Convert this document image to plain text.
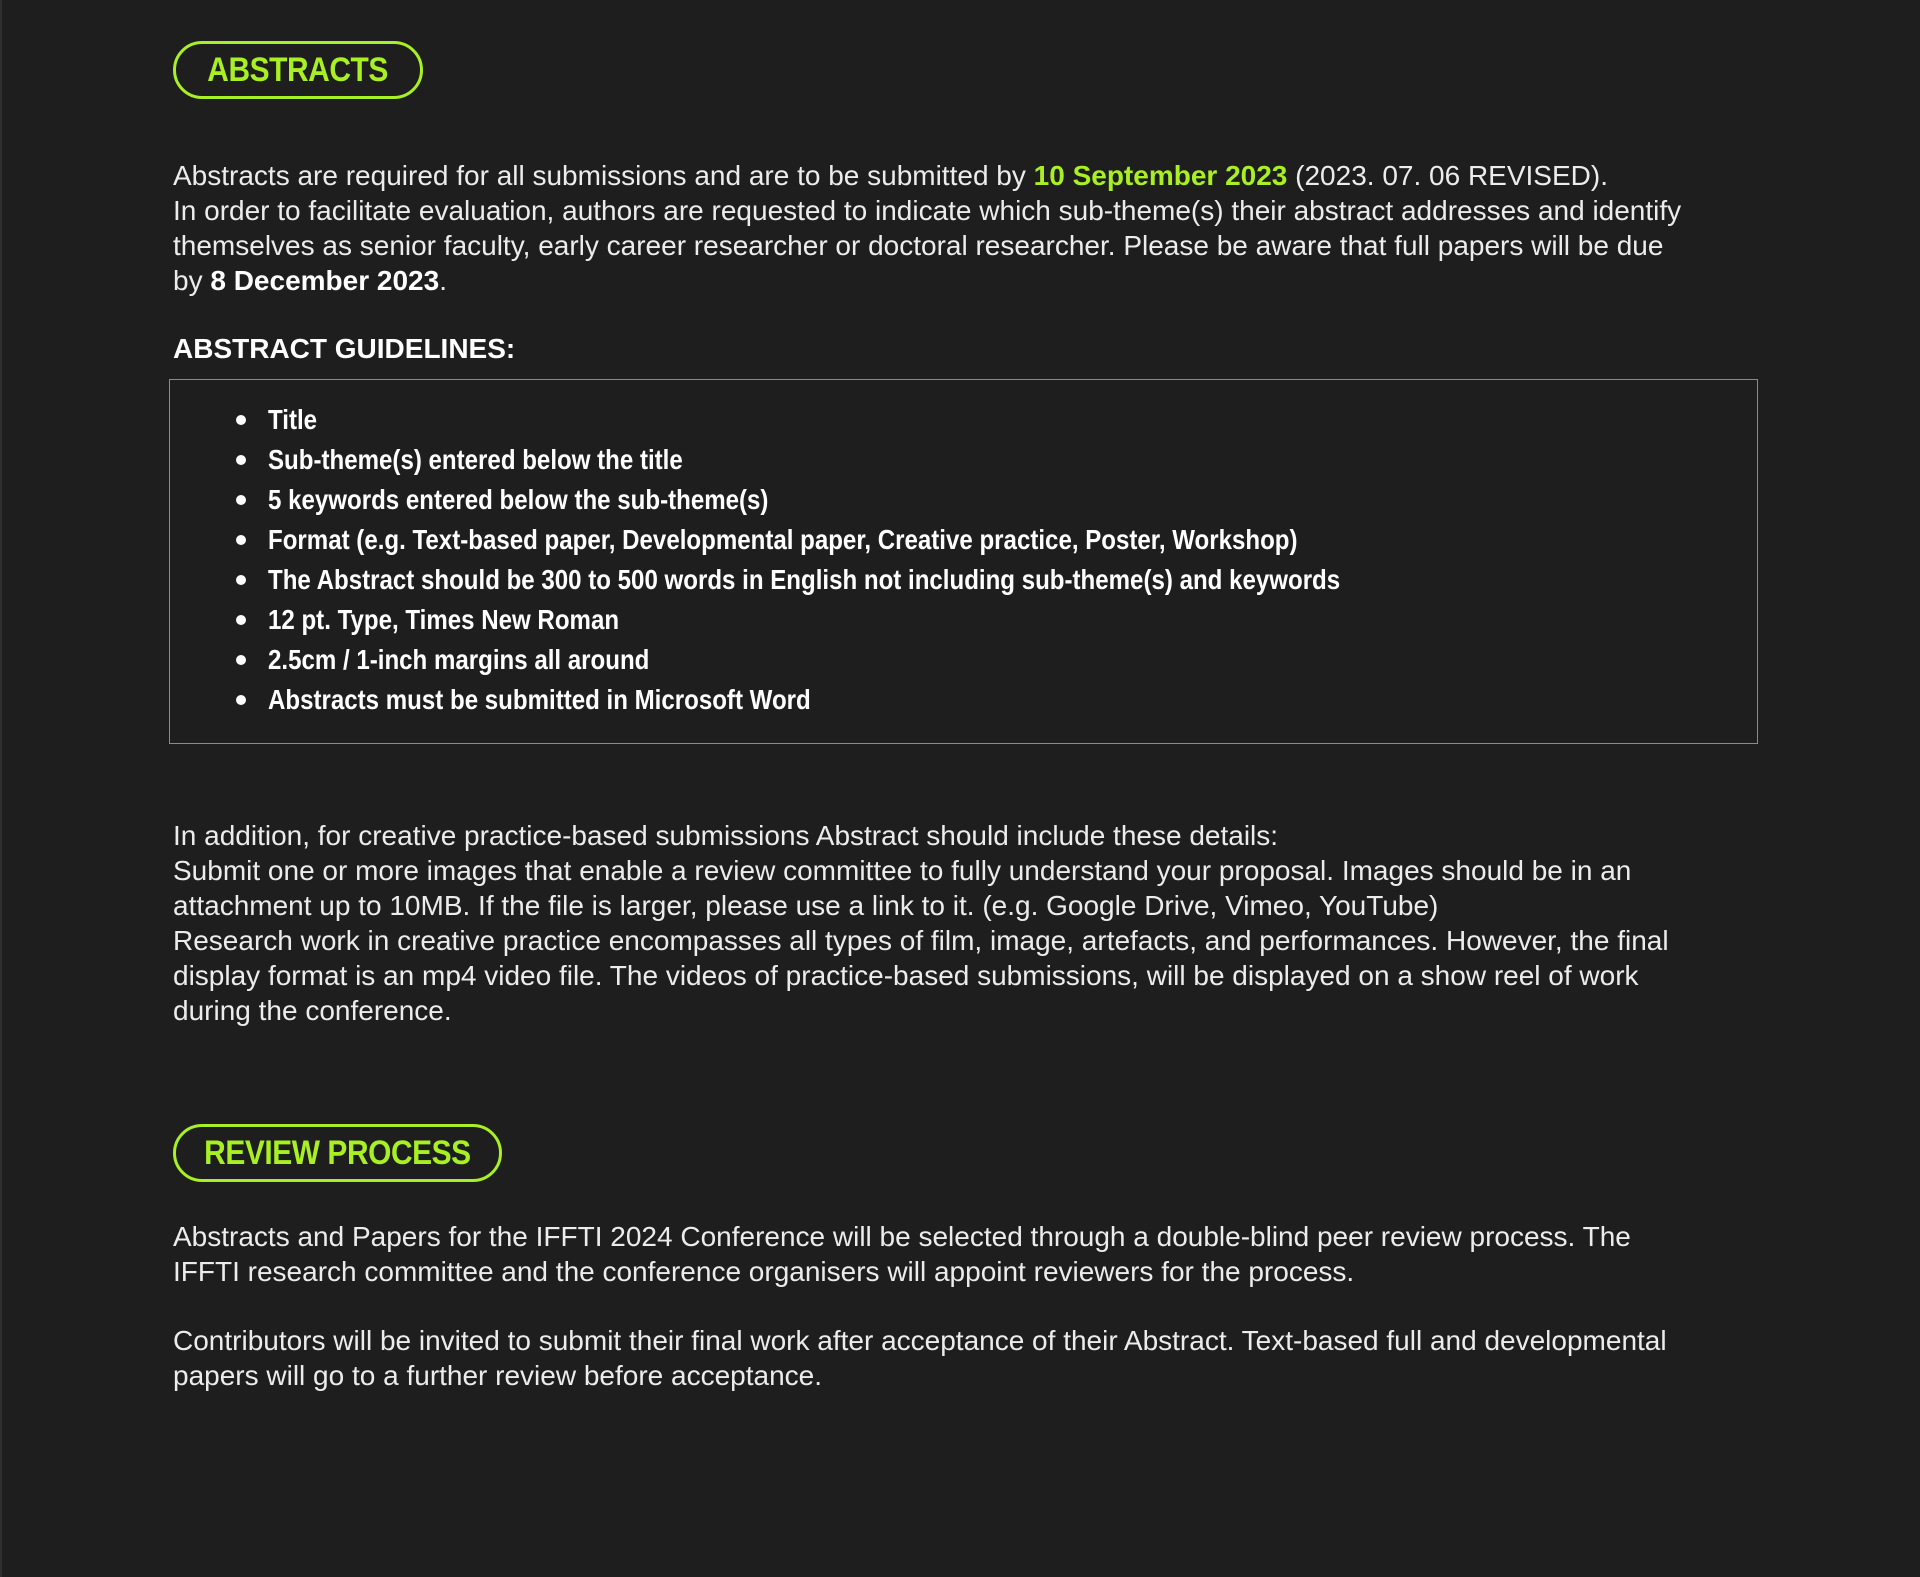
ABSTRACTS

Abstracts are required for all submissions and are to be submitted by 10 September 2023 (2023. 07. 06 REVISED).
In order to facilitate evaluation, authors are requested to indicate which sub-theme(s) their abstract addresses and identify
themselves as senior faculty, early career researcher or doctoral researcher. Please be aware that full papers will be due
by 8 December 2023.

ABSTRACT GUIDELINES:
Title
Sub-theme(s) entered below the title
5 keywords entered below the sub-theme(s)
Format (e.g. Text-based paper, Developmental paper, Creative practice, Poster, Workshop)
The Abstract should be 300 to 500 words in English not including sub-theme(s) and keywords
12 pt. Type, Times New Roman
2.5cm / 1-inch margins all around
Abstracts must be submitted in Microsoft Word

In addition, for creative practice-based submissions Abstract should include these details:
Submit one or more images that enable a review committee to fully understand your proposal. Images should be in an
attachment up to 10MB. If the file is larger, please use a link to it. (e.g. Google Drive, Vimeo, YouTube)
Research work in creative practice encompasses all types of film, image, artefacts, and performances. However, the final
display format is an mp4 video file. The videos of practice-based submissions, will be displayed on a show reel of work
during the conference.

REVIEW PROCESS

Abstracts and Papers for the IFFTI 2024 Conference will be selected through a double-blind peer review process. The
IFFTI research committee and the conference organisers will appoint reviewers for the process.

Contributors will be invited to submit their final work after acceptance of their Abstract. Text-based full and developmental
papers will go to a further review before acceptance.
